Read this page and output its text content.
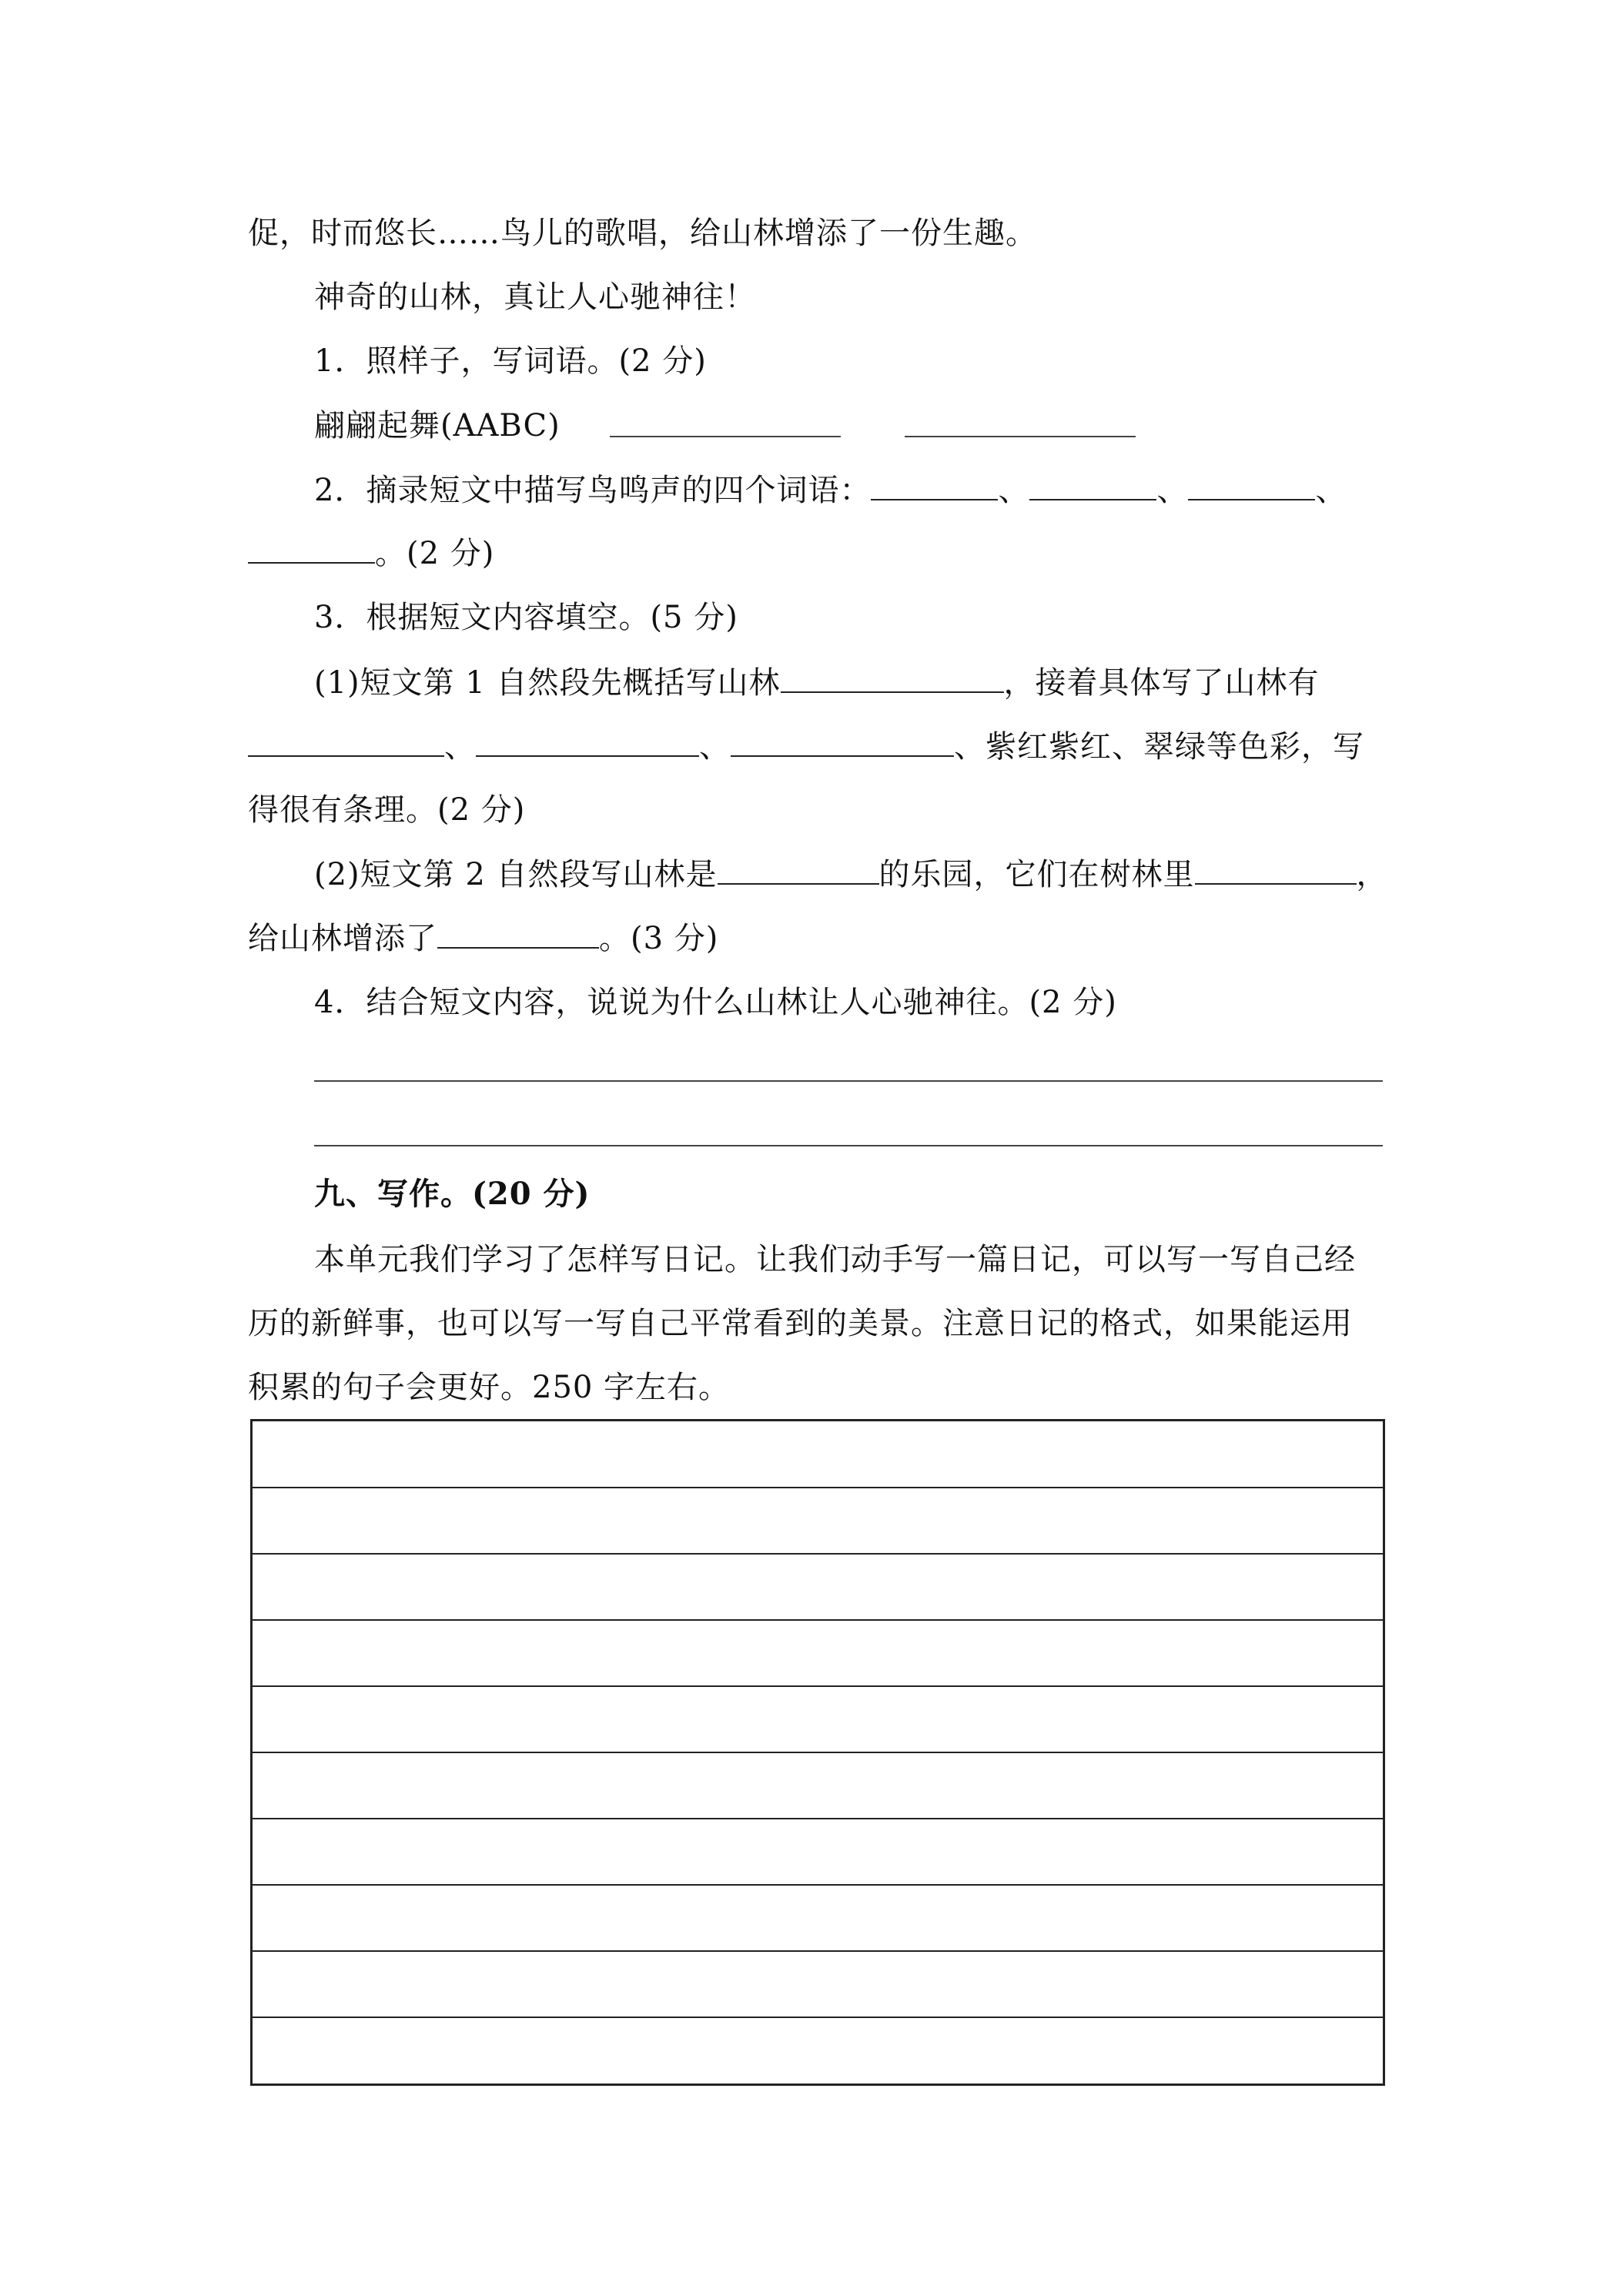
促，时而悠长……鸟儿的歌唱，给山林增添了一份生趣。
神奇的山林，真让人心驰神往！
1．照样子，写词语。(2 分)
翩翩起舞(AABC)
2．摘录短文中描写鸟鸣声的四个词语：	、	、	、
。(2 分)
3．根据短文内容填空。(5 分)
(1)短文第 1 自然段先概括写山林	，接着具体写了山林有
、	、	、紫红紫红、翠绿等色彩，写
得很有条理。(2 分)
(2)短文第 2 自然段写山林是	的乐园，它们在树林里	，
给山林增添了	。(3 分)
4．结合短文内容，说说为什么山林让人心驰神往。(2 分)
九、写作。(20 分)
本单元我们学习了怎样写日记。让我们动手写一篇日记，可以写一写自己经
历的新鲜事，也可以写一写自己平常看到的美景。注意日记的格式，如果能运用
积累的句子会更好。250 字左右。
